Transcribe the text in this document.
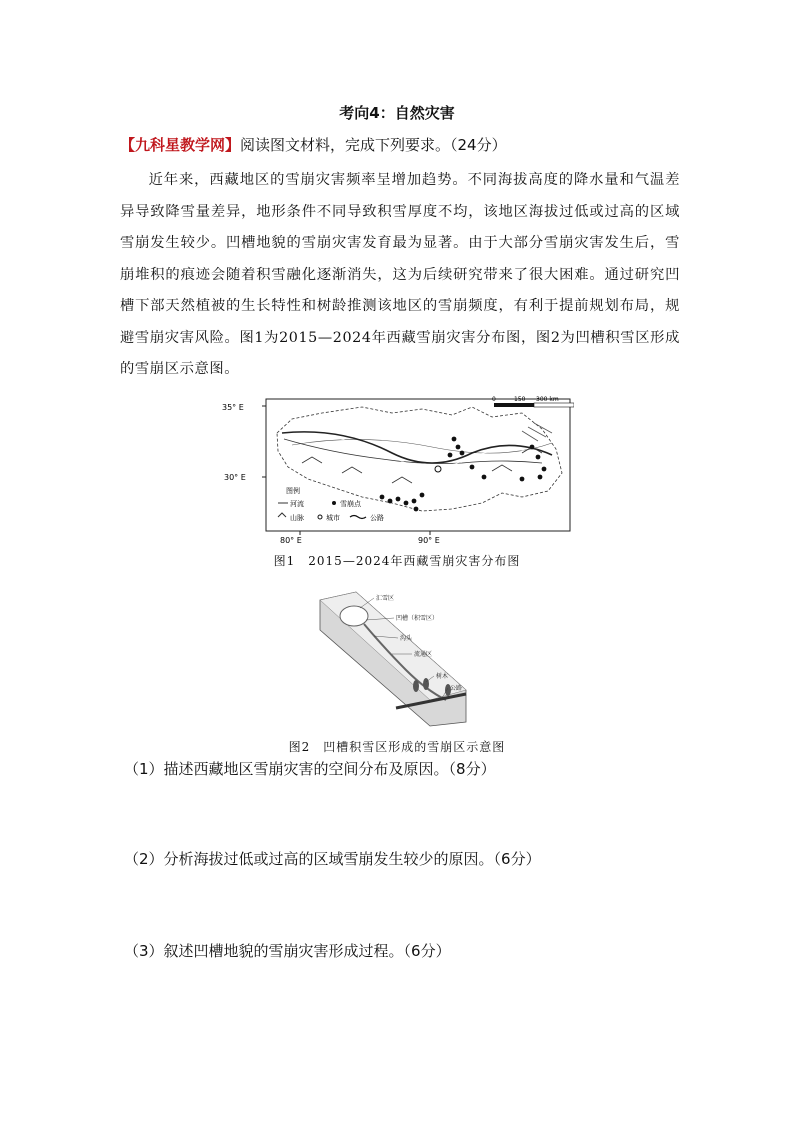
考向4：自然灾害
【九科星教学网】阅读图文材料，完成下列要求。（24分）
近年来，西藏地区的雪崩灾害频率呈增加趋势。不同海拔高度的降水量和气温差异导致降雪量差异，地形条件不同导致积雪厚度不均，该地区海拔过低或过高的区域雪崩发生较少。凹槽地貌的雪崩灾害发育最为显著。由于大部分雪崩灾害发生后，雪崩堆积的痕迹会随着积雪融化逐渐消失，这为后续研究带来了很大困难。通过研究凹槽下部天然植被的生长特性和树龄推测该地区的雪崩频度，有利于提前规划布局，规避雪崩灾害风险。图1为2015—2024年西藏雪崩灾害分布图，图2为凹槽积雪区形成的雪崩区示意图。
35° E
30° E
80° E	90° E
0	150 300 km
图例
河流	雪崩点
山脉	城市	公路
图1　2015—2024年西藏雪崩灾害分布图
汇雪区
凹槽（积雪区）
沟头
流通区
树木
公路
图2　凹槽积雪区形成的雪崩区示意图
（1）描述西藏地区雪崩灾害的空间分布及原因。（8分）
（2）分析海拔过低或过高的区域雪崩发生较少的原因。（6分）
（3）叙述凹槽地貌的雪崩灾害形成过程。（6分）
